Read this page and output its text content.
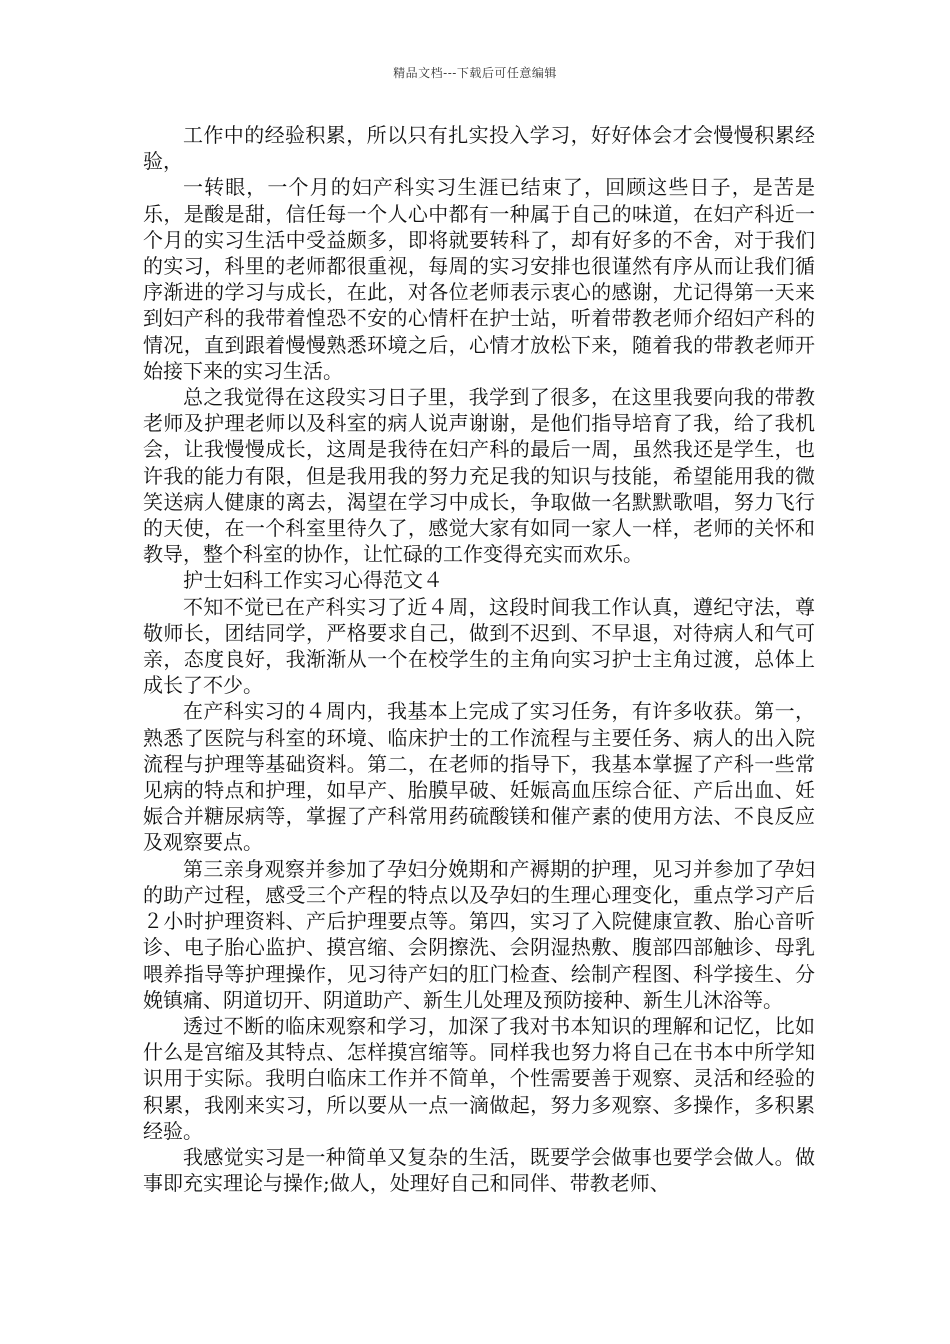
精品文档---下载后可任意编辑

工作中的经验积累，所以只有扎实投入学习，好好体会才会慢慢积累经验，

一转眼，一个月的妇产科实习生涯已结束了，回顾这些日子，是苦是乐，是酸是甜，信任每一个人心中都有一种属于自己的味道，在妇产科近一个月的实习生活中受益颇多，即将就要转科了，却有好多的不舍，对于我们的实习，科里的老师都很重视，每周的实习安排也很谨然有序从而让我们循序渐进的学习与成长，在此，对各位老师表示衷心的感谢，尤记得第一天来到妇产科的我带着惶恐不安的心情杆在护士站，听着带教老师介绍妇产科的情况，直到跟着慢慢熟悉环境之后，心情才放松下来，随着我的带教老师开始接下来的实习生活。

总之我觉得在这段实习日子里，我学到了很多，在这里我要向我的带教老师及护理老师以及科室的病人说声谢谢，是他们指导培育了我，给了我机会，让我慢慢成长，这周是我待在妇产科的最后一周，虽然我还是学生，也许我的能力有限，但是我用我的努力充足我的知识与技能，希望能用我的微笑送病人健康的离去，渴望在学习中成长，争取做一名默默歌唱，努力飞行的天使，在一个科室里待久了，感觉大家有如同一家人一样，老师的关怀和教导，整个科室的协作，让忙碌的工作变得充实而欢乐。

护士妇科工作实习心得范文４

不知不觉已在产科实习了近４周，这段时间我工作认真，遵纪守法，尊敬师长，团结同学，严格要求自己，做到不迟到、不早退，对待病人和气可亲，态度良好，我渐渐从一个在校学生的主角向实习护士主角过渡，总体上成长了不少。

在产科实习的４周内，我基本上完成了实习任务，有许多收获。第一，熟悉了医院与科室的环境、临床护士的工作流程与主要任务、病人的出入院流程与护理等基础资料。第二，在老师的指导下，我基本掌握了产科一些常见病的特点和护理，如早产、胎膜早破、妊娠高血压综合征、产后出血、妊娠合并糖尿病等，掌握了产科常用药硫酸镁和催产素的使用方法、不良反应及观察要点。

第三亲身观察并参加了孕妇分娩期和产褥期的护理，见习并参加了孕妇的助产过程，感受三个产程的特点以及孕妇的生理心理变化，重点学习产后２小时护理资料、产后护理要点等。第四，实习了入院健康宣教、胎心音听诊、电子胎心监护、摸宫缩、会阴擦洗、会阴湿热敷、腹部四部触诊、母乳喂养指导等护理操作，见习待产妇的肛门检查、绘制产程图、科学接生、分娩镇痛、阴道切开、阴道助产、新生儿处理及预防接种、新生儿沐浴等。

透过不断的临床观察和学习，加深了我对书本知识的理解和记忆，比如什么是宫缩及其特点、怎样摸宫缩等。同样我也努力将自己在书本中所学知识用于实际。我明白临床工作并不简单，个性需要善于观察、灵活和经验的积累，我刚来实习，所以要从一点一滴做起，努力多观察、多操作，多积累经验。

我感觉实习是一种简单又复杂的生活，既要学会做事也要学会做人。做事即充实理论与操作;做人，处理好自己和同伴、带教老师、
